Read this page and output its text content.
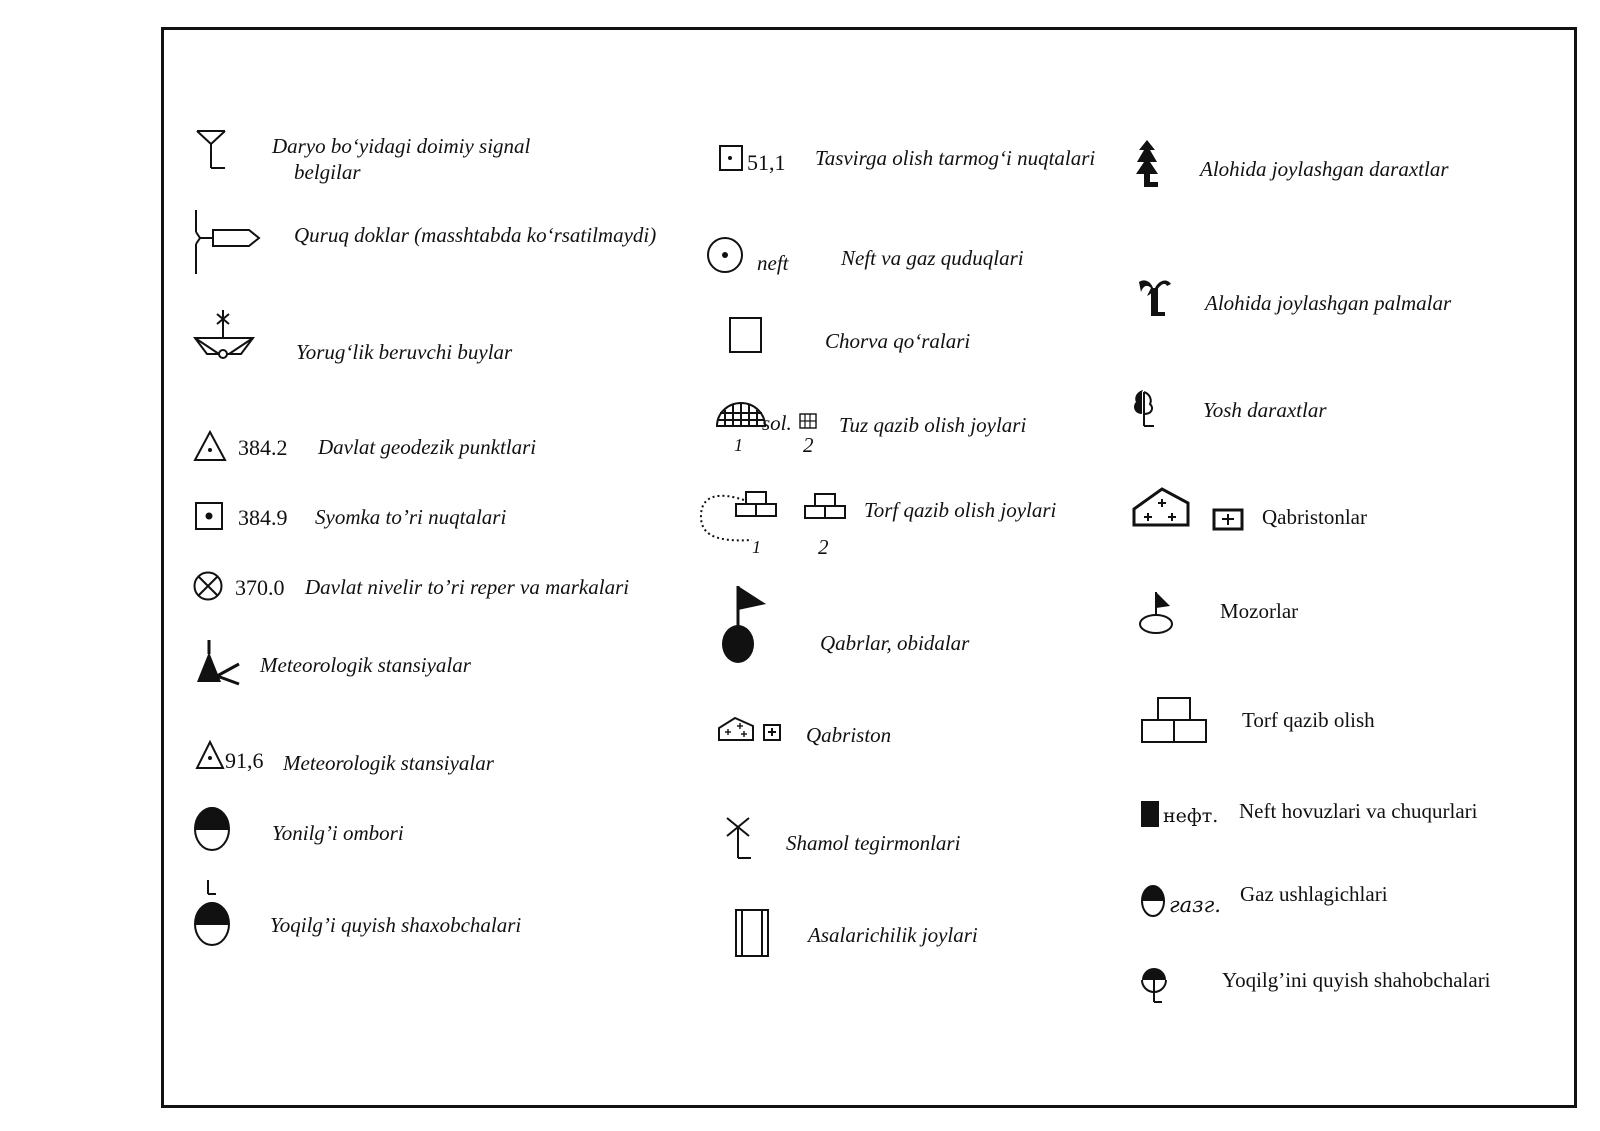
Daryo bo‘yidagi doimiy signal
belgilar
Quruq doklar (masshtabda ko‘rsatilmaydi)
Yorug‘lik beruvchi buylar
384.2 Davlat geodezik punktlari
384.9 Syomka to’ri nuqtalari
370.0 Davlat nivelir to’ri reper va markalari
Meteorologik stansiyalar
91,6 Meteorologik stansiyalar
Yonilg’i ombori
Yoqilg’i quyish shaxobchalari
51,1 Tasvirga olish tarmog‘i nuqtalari
neft	Neft va gaz quduqlari
Chorva qo‘ralari
sol.
1	2
Tuz qazib olish joylari
1	2
Torf qazib olish joylari
Qabrlar, obidalar
Qabriston
Shamol tegirmonlari
Asalarichilik joylari
Alohida joylashgan daraxtlar
Alohida joylashgan palmalar
Yosh daraxtlar
Qabristonlar
Mozorlar
Torf qazib olish
нефт. Neft hovuzlari va chuqurlari
газг. Gaz ushlagichlari
Yoqilg’ini quyish shahobchalari
